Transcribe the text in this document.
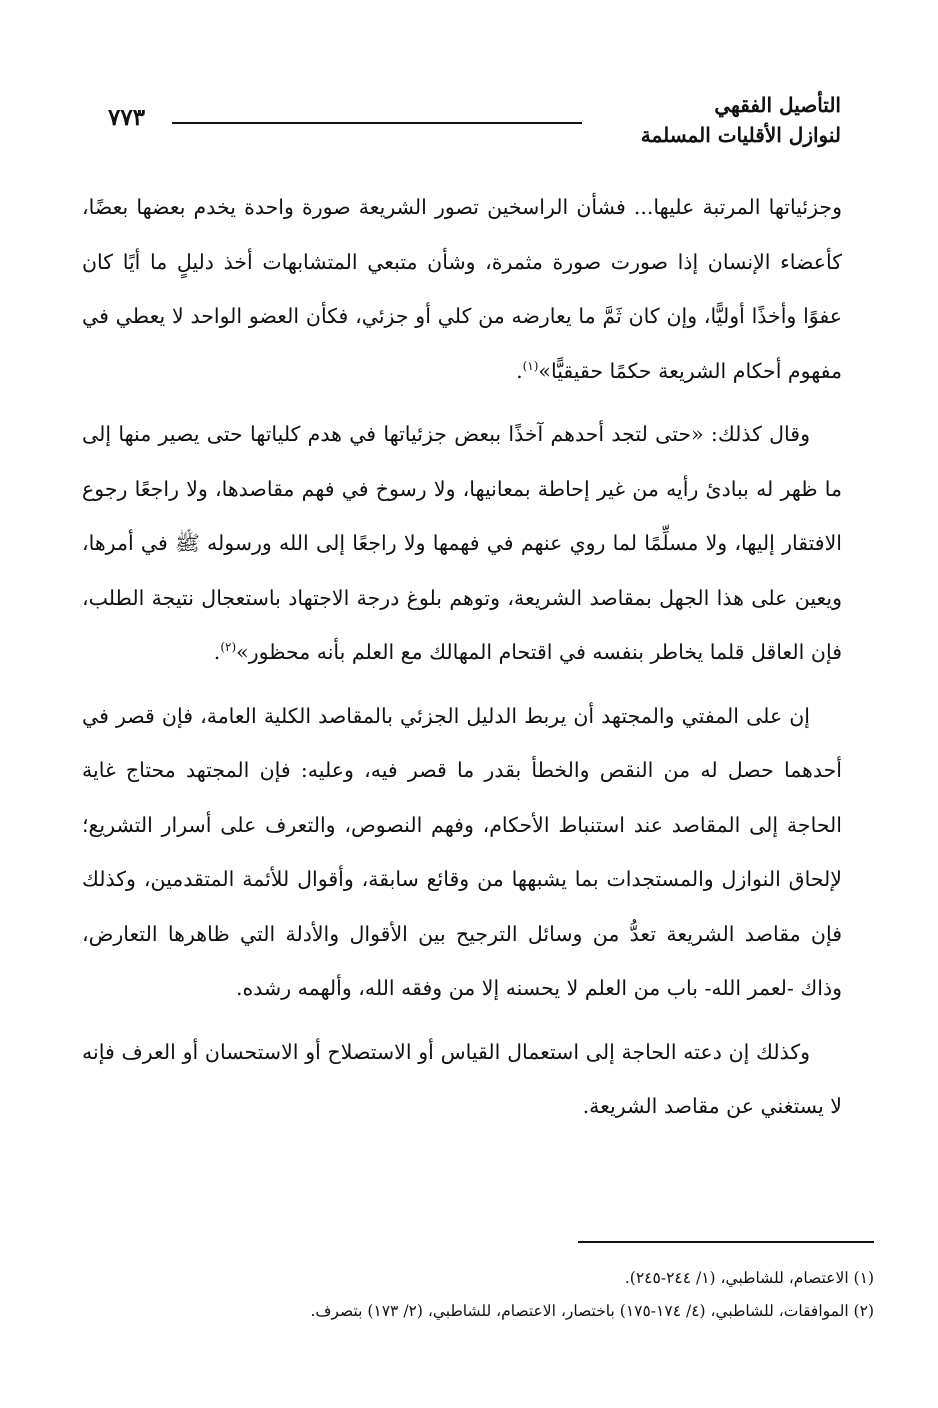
٧٧٣	التأصيل الفقهي
لنوازل الأقليات المسلمة

وجزئياتها المرتبة عليها... فشأن الراسخين تصور الشريعة صورة واحدة يخدم بعضها بعضًا، كأعضاء الإنسان إذا صورت صورة مثمرة، وشأن متبعي المتشابهات أخذ دليلٍ ما أيًا كان عفوًا وأخذًا أوليًّا، وإن كان ثَمَّ ما يعارضه من كلي أو جزئي، فكأن العضو الواحد لا يعطي في مفهوم أحكام الشريعة حكمًا حقيقيًّا»$^{(١)}$.

وقال كذلك: «حتى لتجد أحدهم آخذًا ببعض جزئياتها في هدم كلياتها حتى يصير منها إلى ما ظهر له ببادئ رأيه من غير إحاطة بمعانيها، ولا رسوخ في فهم مقاصدها، ولا راجعًا رجوع الافتقار إليها، ولا مسلِّمًا لما روي عنهم في فهمها ولا راجعًا إلى الله ورسوله ﷺ في أمرها، ويعين على هذا الجهل بمقاصد الشريعة، وتوهم بلوغ درجة الاجتهاد باستعجال نتيجة الطلب، فإن العاقل قلما يخاطر بنفسه في اقتحام المهالك مع العلم بأنه محظور»$^{(٢)}$.

إن على المفتي والمجتهد أن يربط الدليل الجزئي بالمقاصد الكلية العامة، فإن قصر في أحدهما حصل له من النقص والخطأ بقدر ما قصر فيه، وعليه: فإن المجتهد محتاج غاية الحاجة إلى المقاصد عند استنباط الأحكام، وفهم النصوص، والتعرف على أسرار التشريع؛ لإلحاق النوازل والمستجدات بما يشبهها من وقائع سابقة، وأقوال للأئمة المتقدمين، وكذلك فإن مقاصد الشريعة تعدُّ من وسائل الترجيح بين الأقوال والأدلة التي ظاهرها التعارض، وذاك -لعمر الله- باب من العلم لا يحسنه إلا من وفقه الله، وألهمه رشده.

وكذلك إن دعته الحاجة إلى استعمال القياس أو الاستصلاح أو الاستحسان أو العرف فإنه لا يستغني عن مقاصد الشريعة.

(١) الاعتصام، للشاطبي، (١/ ٢٤٤-٢٤٥).
(٢) الموافقات، للشاطبي، (٤/ ١٧٤-١٧٥) باختصار، الاعتصام، للشاطبي، (٢/ ١٧٣) بتصرف.
